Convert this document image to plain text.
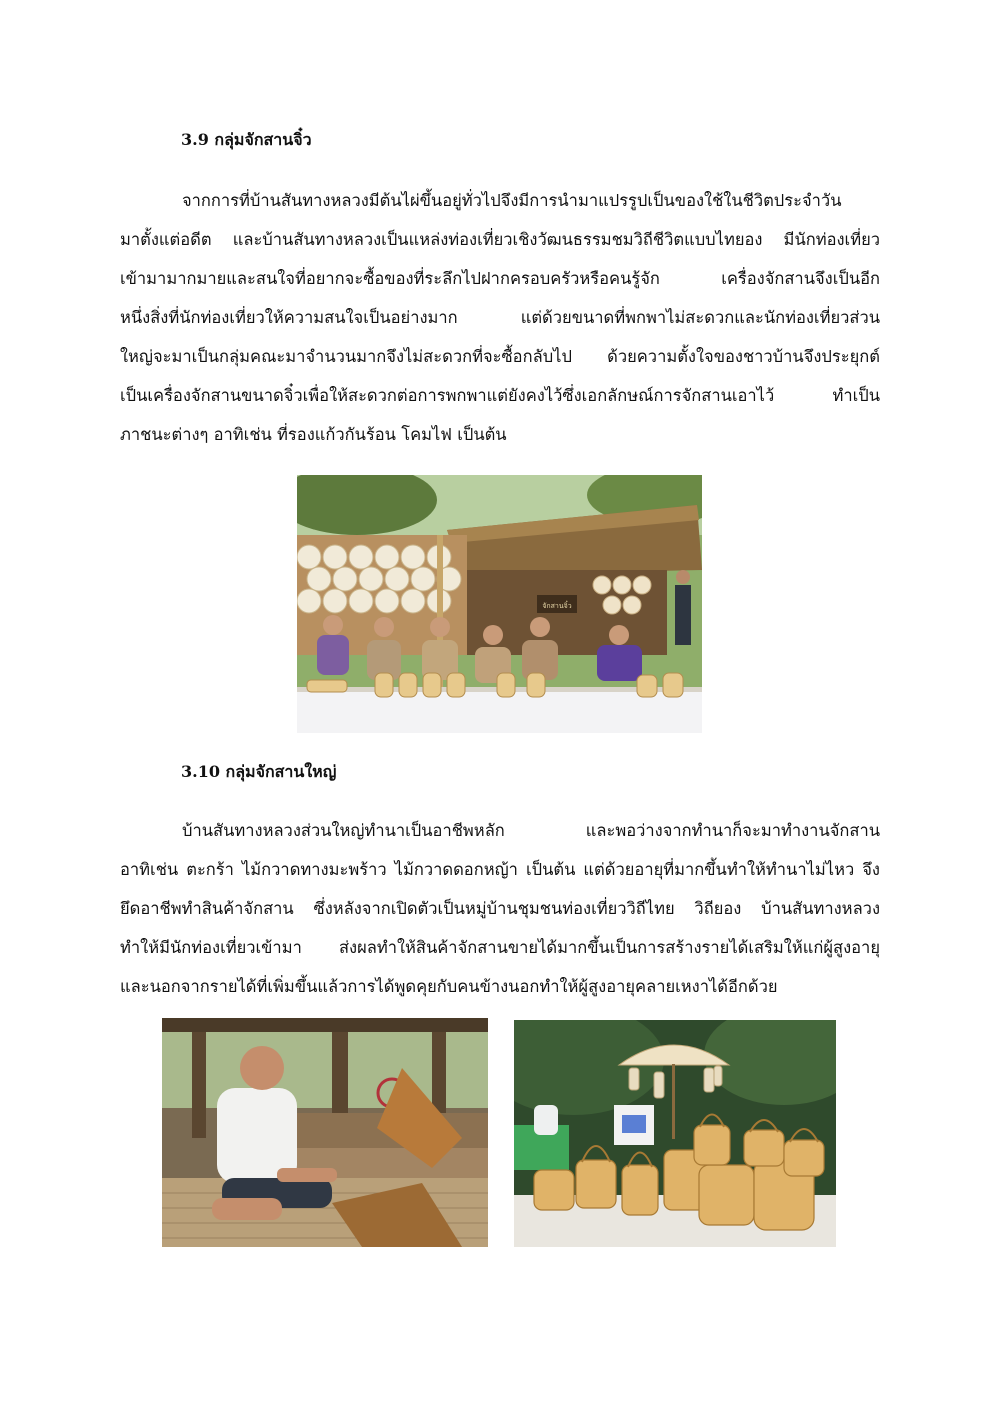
3.9 กลุ่มจักสานจิ๋ว

จากการที่บ้านสันทางหลวงมีต้นไผ่ขึ้นอยู่ทั่วไปจึงมีการนำมาแปรรูปเป็นของใช้ในชีวิตประจำวัน
มาตั้งแต่อดีต และบ้านสันทางหลวงเป็นแหล่งท่องเที่ยวเชิงวัฒนธรรมชมวิถีชีวิตแบบไทยอง มีนักท่องเที่ยว
เข้ามามากมายและสนใจที่อยากจะซื้อของที่ระลึกไปฝากครอบครัวหรือคนรู้จัก เครื่องจักสานจึงเป็นอีก
หนึ่งสิ่งที่นักท่องเที่ยวให้ความสนใจเป็นอย่างมาก แต่ด้วยขนาดที่พกพาไม่สะดวกและนักท่องเที่ยวส่วน
ใหญ่จะมาเป็นกลุ่มคณะมาจำนวนมากจึงไม่สะดวกที่จะซื้อกลับไป ด้วยความตั้งใจของชาวบ้านจึงประยุกต์
เป็นเครื่องจักสานขนาดจิ๋วเพื่อให้สะดวกต่อการพกพาแต่ยังคงไว้ซึ่งเอกลักษณ์การจักสานเอาไว้ ทำเป็น
ภาชนะต่างๆ อาทิเช่น ที่รองแก้วกันร้อน โคมไฟ เป็นต้น

จักสานจิ๋ว
3.10 กลุ่มจักสานใหญ่

บ้านสันทางหลวงส่วนใหญ่ทำนาเป็นอาชีพหลัก และพอว่างจากทำนาก็จะมาทำงานจักสาน
อาทิเช่น ตะกร้า ไม้กวาดทางมะพร้าว ไม้กวาดดอกหญ้า เป็นต้น แต่ด้วยอายุที่มากขึ้นทำให้ทำนาไม่ไหว จึง
ยึดอาชีพทำสินค้าจักสาน ซึ่งหลังจากเปิดตัวเป็นหมู่บ้านชุมชนท่องเที่ยววิถีไทย วิถียอง บ้านสันทางหลวง
ทำให้มีนักท่องเที่ยวเข้ามา ส่งผลทำให้สินค้าจักสานขายได้มากขึ้นเป็นการสร้างรายได้เสริมให้แก่ผู้สูงอายุ
และนอกจากรายได้ที่เพิ่มขึ้นแล้วการได้พูดคุยกับคนข้างนอกทำให้ผู้สูงอายุคลายเหงาได้อีกด้วย
